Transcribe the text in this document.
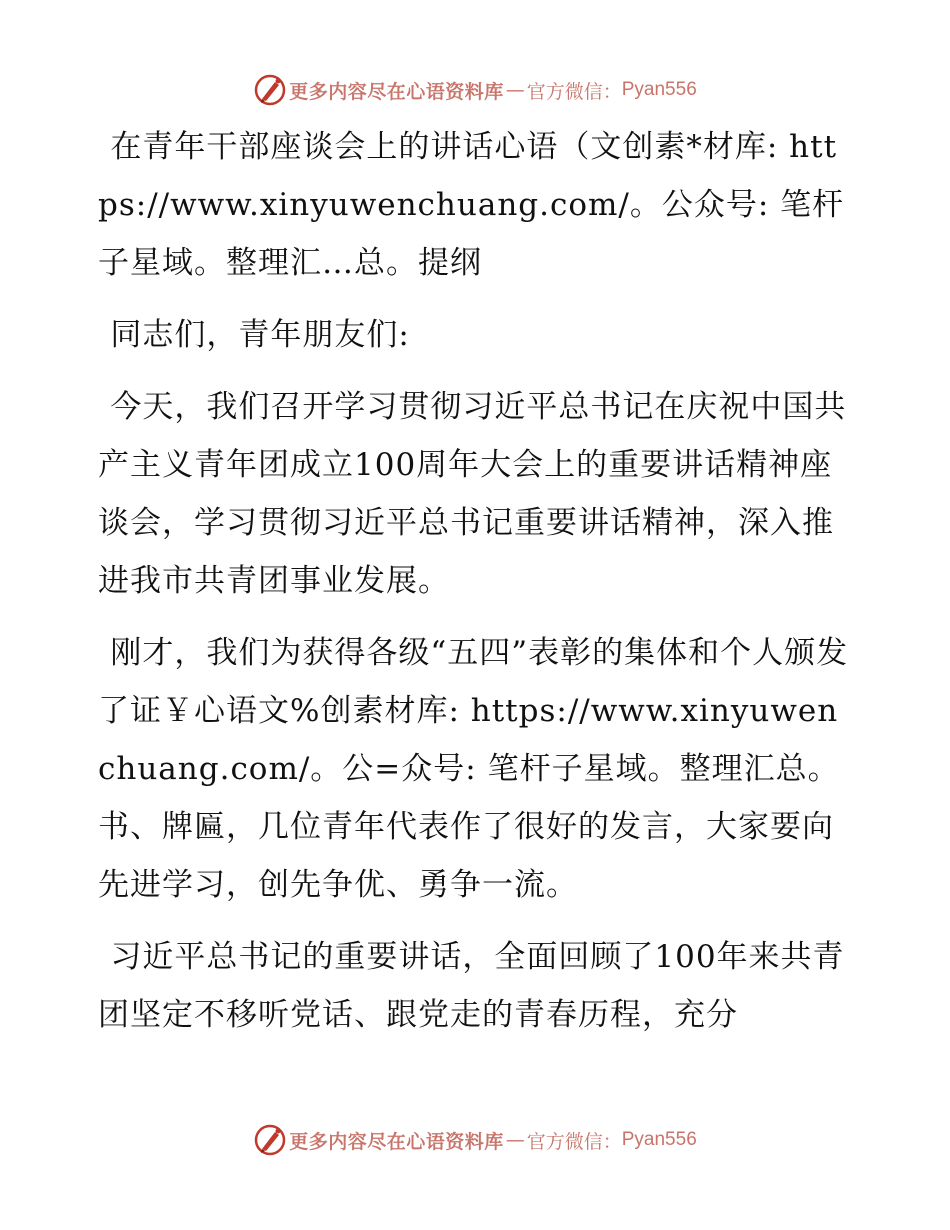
更多内容尽在心语资料库 — 官方微信： Pyan556

在青年干部座谈会上的讲话心语（文创素*材库: https://www.xinyuwenchuang.com/。公众号: 笔杆子星域。整理汇…总。提纲

同志们，青年朋友们:

今天，我们召开学习贯彻习近平总书记在庆祝中国共产主义青年团成立100周年大会上的重要讲话精神座谈会，学习贯彻习近平总书记重要讲话精神，深入推进我市共青团事业发展。

刚才，我们为获得各级“五四”表彰的集体和个人颁发了证￥心语文%创素材库: https://www.xinyuwenchuang.com/。公=众号: 笔杆子星域。整理汇总。书、牌匾，几位青年代表作了很好的发言，大家要向先进学习，创先争优、勇争一流。

习近平总书记的重要讲话，全面回顾了100年来共青团坚定不移听党话、跟党走的青春历程，充分

更多内容尽在心语资料库 — 官方微信： Pyan556
